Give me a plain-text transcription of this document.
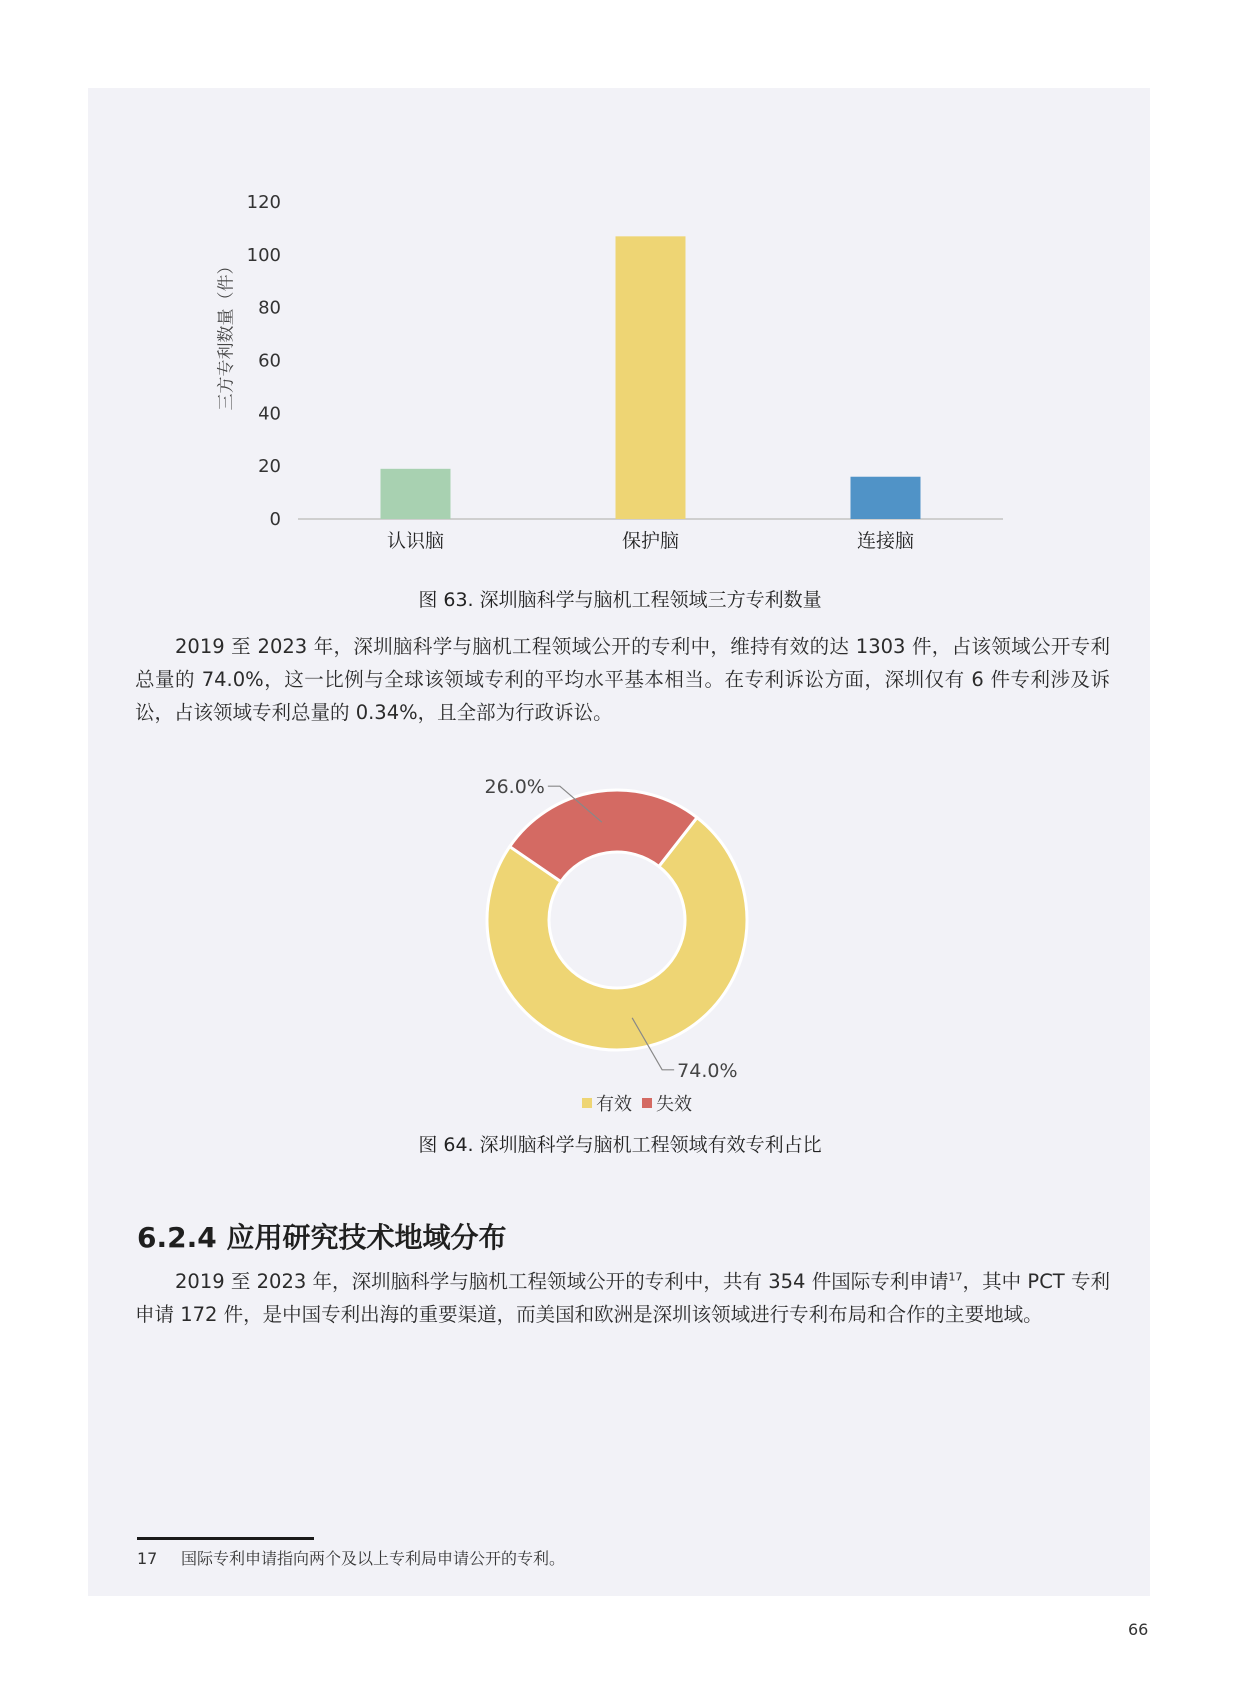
0
20
40
60
80
100
120
认识脑	保护脑	连接脑
三方专利数量（件）
图 63. 深圳脑科学与脑机工程领域三方专利数量

2019 至 2023 年，深圳脑科学与脑机工程领域公开的专利中，维持有效的达 1303 件，占该领域公开专利总量的 74.0%，这一比例与全球该领域专利的平均水平基本相当。在专利诉讼方面，深圳仅有 6 件专利涉及诉讼，占该领域专利总量的 0.34%，且全部为行政诉讼。

74.0%
26.0%
有效 失效
图 64. 深圳脑科学与脑机工程领域有效专利占比
6.2.4 应用研究技术地域分布

2019 至 2023 年，深圳脑科学与脑机工程领域公开的专利中，共有 354 件国际专利申请$^{17}$，其中 PCT 专利申请 172 件，是中国专利出海的重要渠道，而美国和欧洲是深圳该领域进行专利布局和合作的主要地域。

17 国际专利申请指向两个及以上专利局申请公开的专利。
66
